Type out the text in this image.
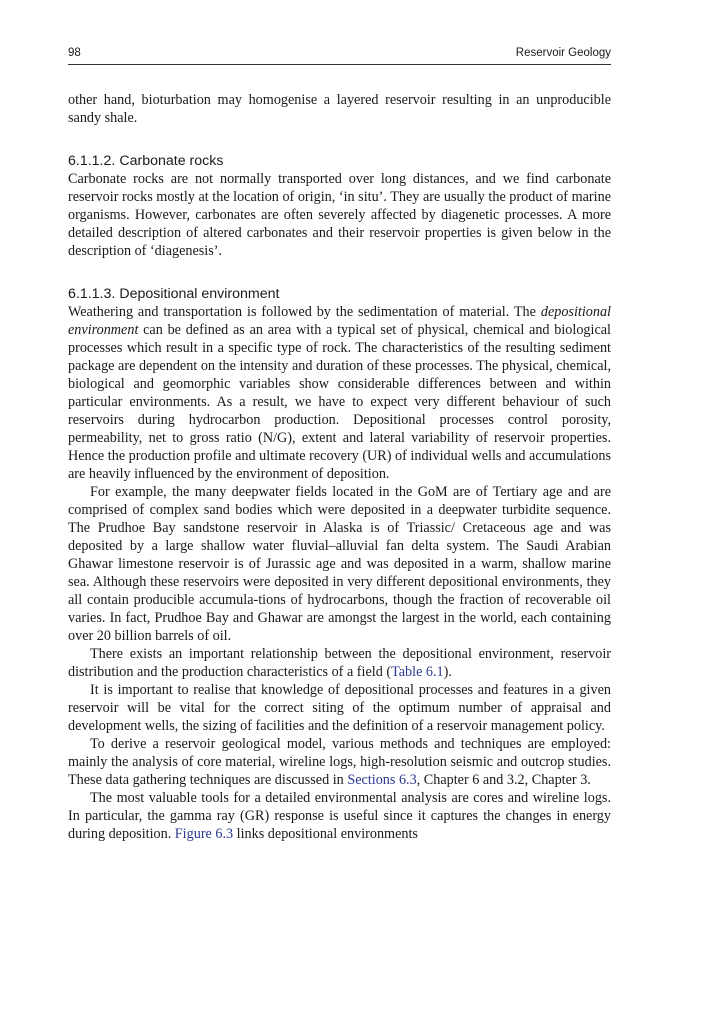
98	Reservoir Geology

other hand, bioturbation may homogenise a layered reservoir resulting in an unproducible sandy shale.

6.1.1.2. Carbonate rocks

Carbonate rocks are not normally transported over long distances, and we find carbonate reservoir rocks mostly at the location of origin, ‘in situ’. They are usually the product of marine organisms. However, carbonates are often severely affected by diagenetic processes. A more detailed description of altered carbonates and their reservoir properties is given below in the description of ‘diagenesis’.

6.1.1.3. Depositional environment

Weathering and transportation is followed by the sedimentation of material. The depositional environment can be defined as an area with a typical set of physical, chemical and biological processes which result in a specific type of rock. The characteristics of the resulting sediment package are dependent on the intensity and duration of these processes. The physical, chemical, biological and geomorphic variables show considerable differences between and within particular environments. As a result, we have to expect very different behaviour of such reservoirs during hydrocarbon production. Depositional processes control porosity, permeability, net to gross ratio (N/G), extent and lateral variability of reservoir properties. Hence the production profile and ultimate recovery (UR) of individual wells and accumulations are heavily influenced by the environment of deposition.

For example, the many deepwater fields located in the GoM are of Tertiary age and are comprised of complex sand bodies which were deposited in a deepwater turbidite sequence. The Prudhoe Bay sandstone reservoir in Alaska is of Triassic/ Cretaceous age and was deposited by a large shallow water fluvial–alluvial fan delta system. The Saudi Arabian Ghawar limestone reservoir is of Jurassic age and was deposited in a warm, shallow marine sea. Although these reservoirs were deposited in very different depositional environments, they all contain producible accumula-tions of hydrocarbons, though the fraction of recoverable oil varies. In fact, Prudhoe Bay and Ghawar are amongst the largest in the world, each containing over 20 billion barrels of oil.

There exists an important relationship between the depositional environment, reservoir distribution and the production characteristics of a field (Table 6.1).

It is important to realise that knowledge of depositional processes and features in a given reservoir will be vital for the correct siting of the optimum number of appraisal and development wells, the sizing of facilities and the definition of a reservoir management policy.

To derive a reservoir geological model, various methods and techniques are employed: mainly the analysis of core material, wireline logs, high-resolution seismic and outcrop studies. These data gathering techniques are discussed in Sections 6.3, Chapter 6 and 3.2, Chapter 3.

The most valuable tools for a detailed environmental analysis are cores and wireline logs. In particular, the gamma ray (GR) response is useful since it captures the changes in energy during deposition. Figure 6.3 links depositional environments
